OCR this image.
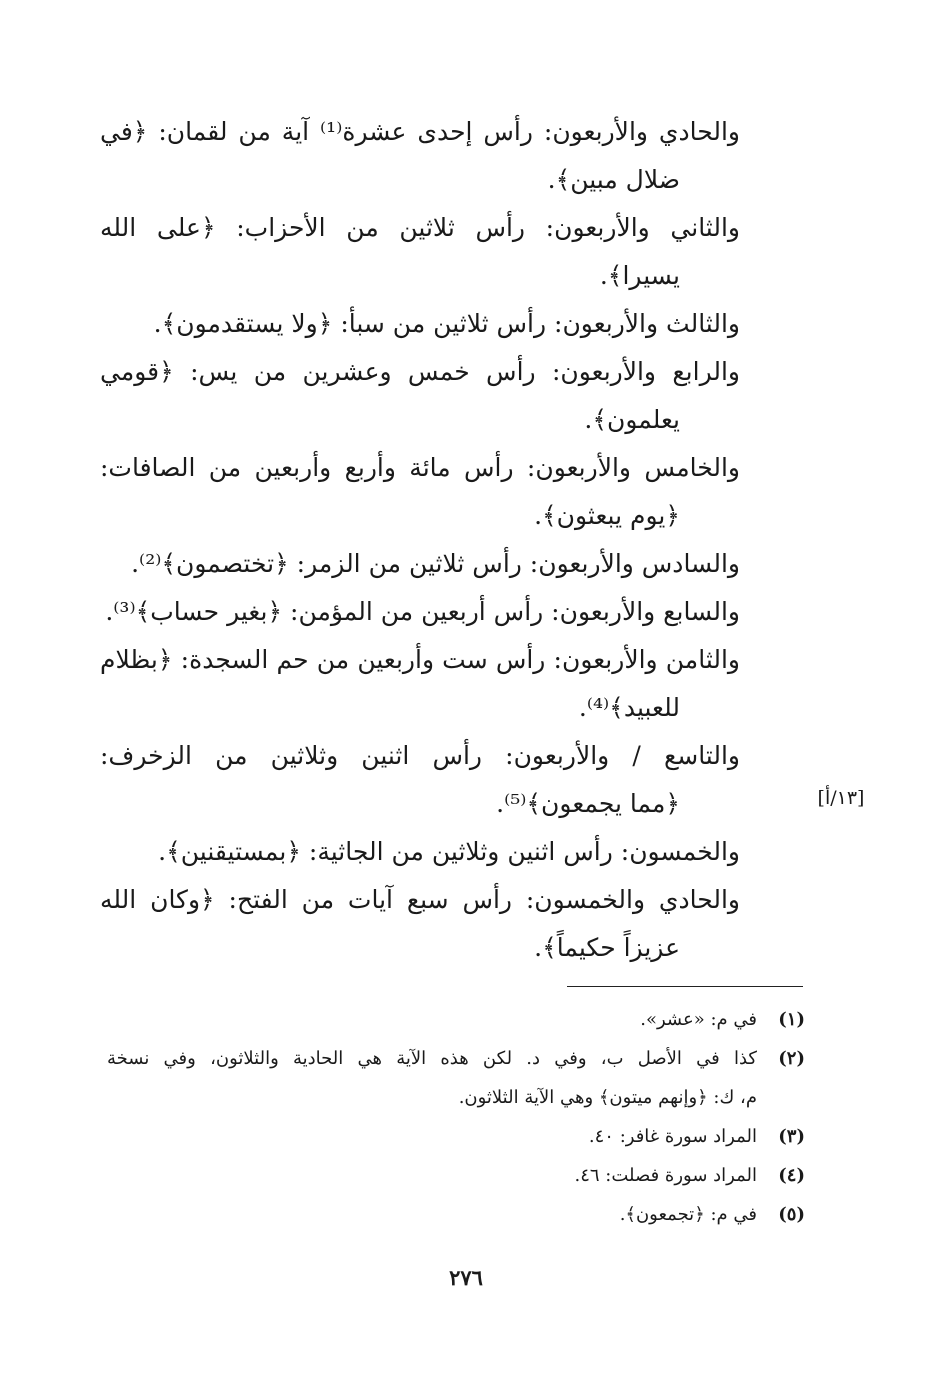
والحادي والأربعون: رأس إحدى عشرة⁽¹⁾ آية من لقمان: ﴿في
ضلال مبين﴾.
والثاني والأربعون: رأس ثلاثين من الأحزاب: ﴿على الله
يسيرا﴾.
والثالث والأربعون: رأس ثلاثين من سبأ: ﴿ولا يستقدمون﴾.
والرابع والأربعون: رأس خمس وعشرين من يس: ﴿قومي
يعلمون﴾.
والخامس والأربعون: رأس مائة وأربع وأربعين من الصافات:
﴿يوم يبعثون﴾.
والسادس والأربعون: رأس ثلاثين من الزمر: ﴿تختصمون﴾⁽²⁾.
والسابع والأربعون: رأس أربعين من المؤمن: ﴿بغير حساب﴾⁽³⁾.
والثامن والأربعون: رأس ست وأربعين من حم السجدة: ﴿بظلام
للعبيد﴾⁽⁴⁾.
والتاسع / والأربعون: رأس اثنين وثلاثين من الزخرف:
﴿مما يجمعون﴾⁽⁵⁾.
والخمسون: رأس اثنين وثلاثين من الجاثية: ﴿بمستيقنين﴾.
والحادي والخمسون: رأس سبع آيات من الفتح: ﴿وكان الله
عزيزاً حكيماً﴾.
[١٣/أ]
(١)في م: «عشر».
(٢)كذا في الأصل ب، وفي د. لكن هذه الآية هي الحادية والثلاثون، وفي نسخة
م، ك: ﴿وإنهم ميتون﴾ وهي الآية الثلاثون.
(٣)المراد سورة غافر: ٤٠.
(٤)المراد سورة فصلت: ٤٦.
(٥)في م: ﴿تجمعون﴾.
٢٧٦
